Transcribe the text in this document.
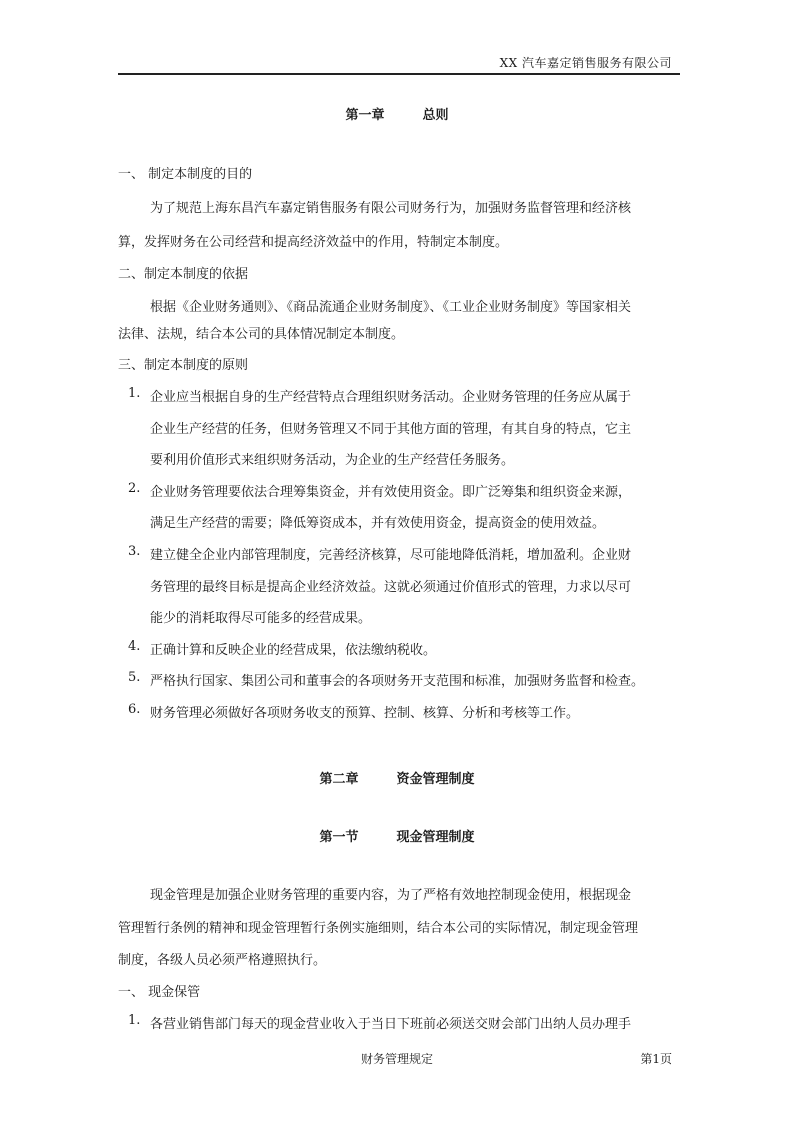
XX 汽车嘉定销售服务有限公司
第一章	总则
一、 制定本制度的目的
为了规范上海东昌汽车嘉定销售服务有限公司财务行为，加强财务监督管理和经济核
算，发挥财务在公司经营和提高经济效益中的作用，特制定本制度。
二、制定本制度的依据
根据《企业财务通则》、《商品流通企业财务制度》、《工业企业财务制度》等国家相关
法律、法规，结合本公司的具体情况制定本制度。
三、制定本制度的原则
1. 企业应当根据自身的生产经营特点合理组织财务活动。企业财务管理的任务应从属于
企业生产经营的任务，但财务管理又不同于其他方面的管理，有其自身的特点，它主
要利用价值形式来组织财务活动，为企业的生产经营任务服务。
2. 企业财务管理要依法合理筹集资金，并有效使用资金。即广泛筹集和组织资金来源，
满足生产经营的需要；降低筹资成本，并有效使用资金，提高资金的使用效益。
3. 建立健全企业内部管理制度，完善经济核算，尽可能地降低消耗，增加盈利。企业财
务管理的最终目标是提高企业经济效益。这就必须通过价值形式的管理，力求以尽可
能少的消耗取得尽可能多的经营成果。
4. 正确计算和反映企业的经营成果，依法缴纳税收。
5. 严格执行国家、集团公司和董事会的各项财务开支范围和标准，加强财务监督和检查。
6. 财务管理必须做好各项财务收支的预算、控制、核算、分析和考核等工作。
第二章	资金管理制度
第一节	现金管理制度
现金管理是加强企业财务管理的重要内容，为了严格有效地控制现金使用，根据现金
管理暂行条例的精神和现金管理暂行条例实施细则，结合本公司的实际情况，制定现金管理
制度，各级人员必须严格遵照执行。
一、 现金保管
1. 各营业销售部门每天的现金营业收入于当日下班前必须送交财会部门出纳人员办理手
财务管理规定	第1页
